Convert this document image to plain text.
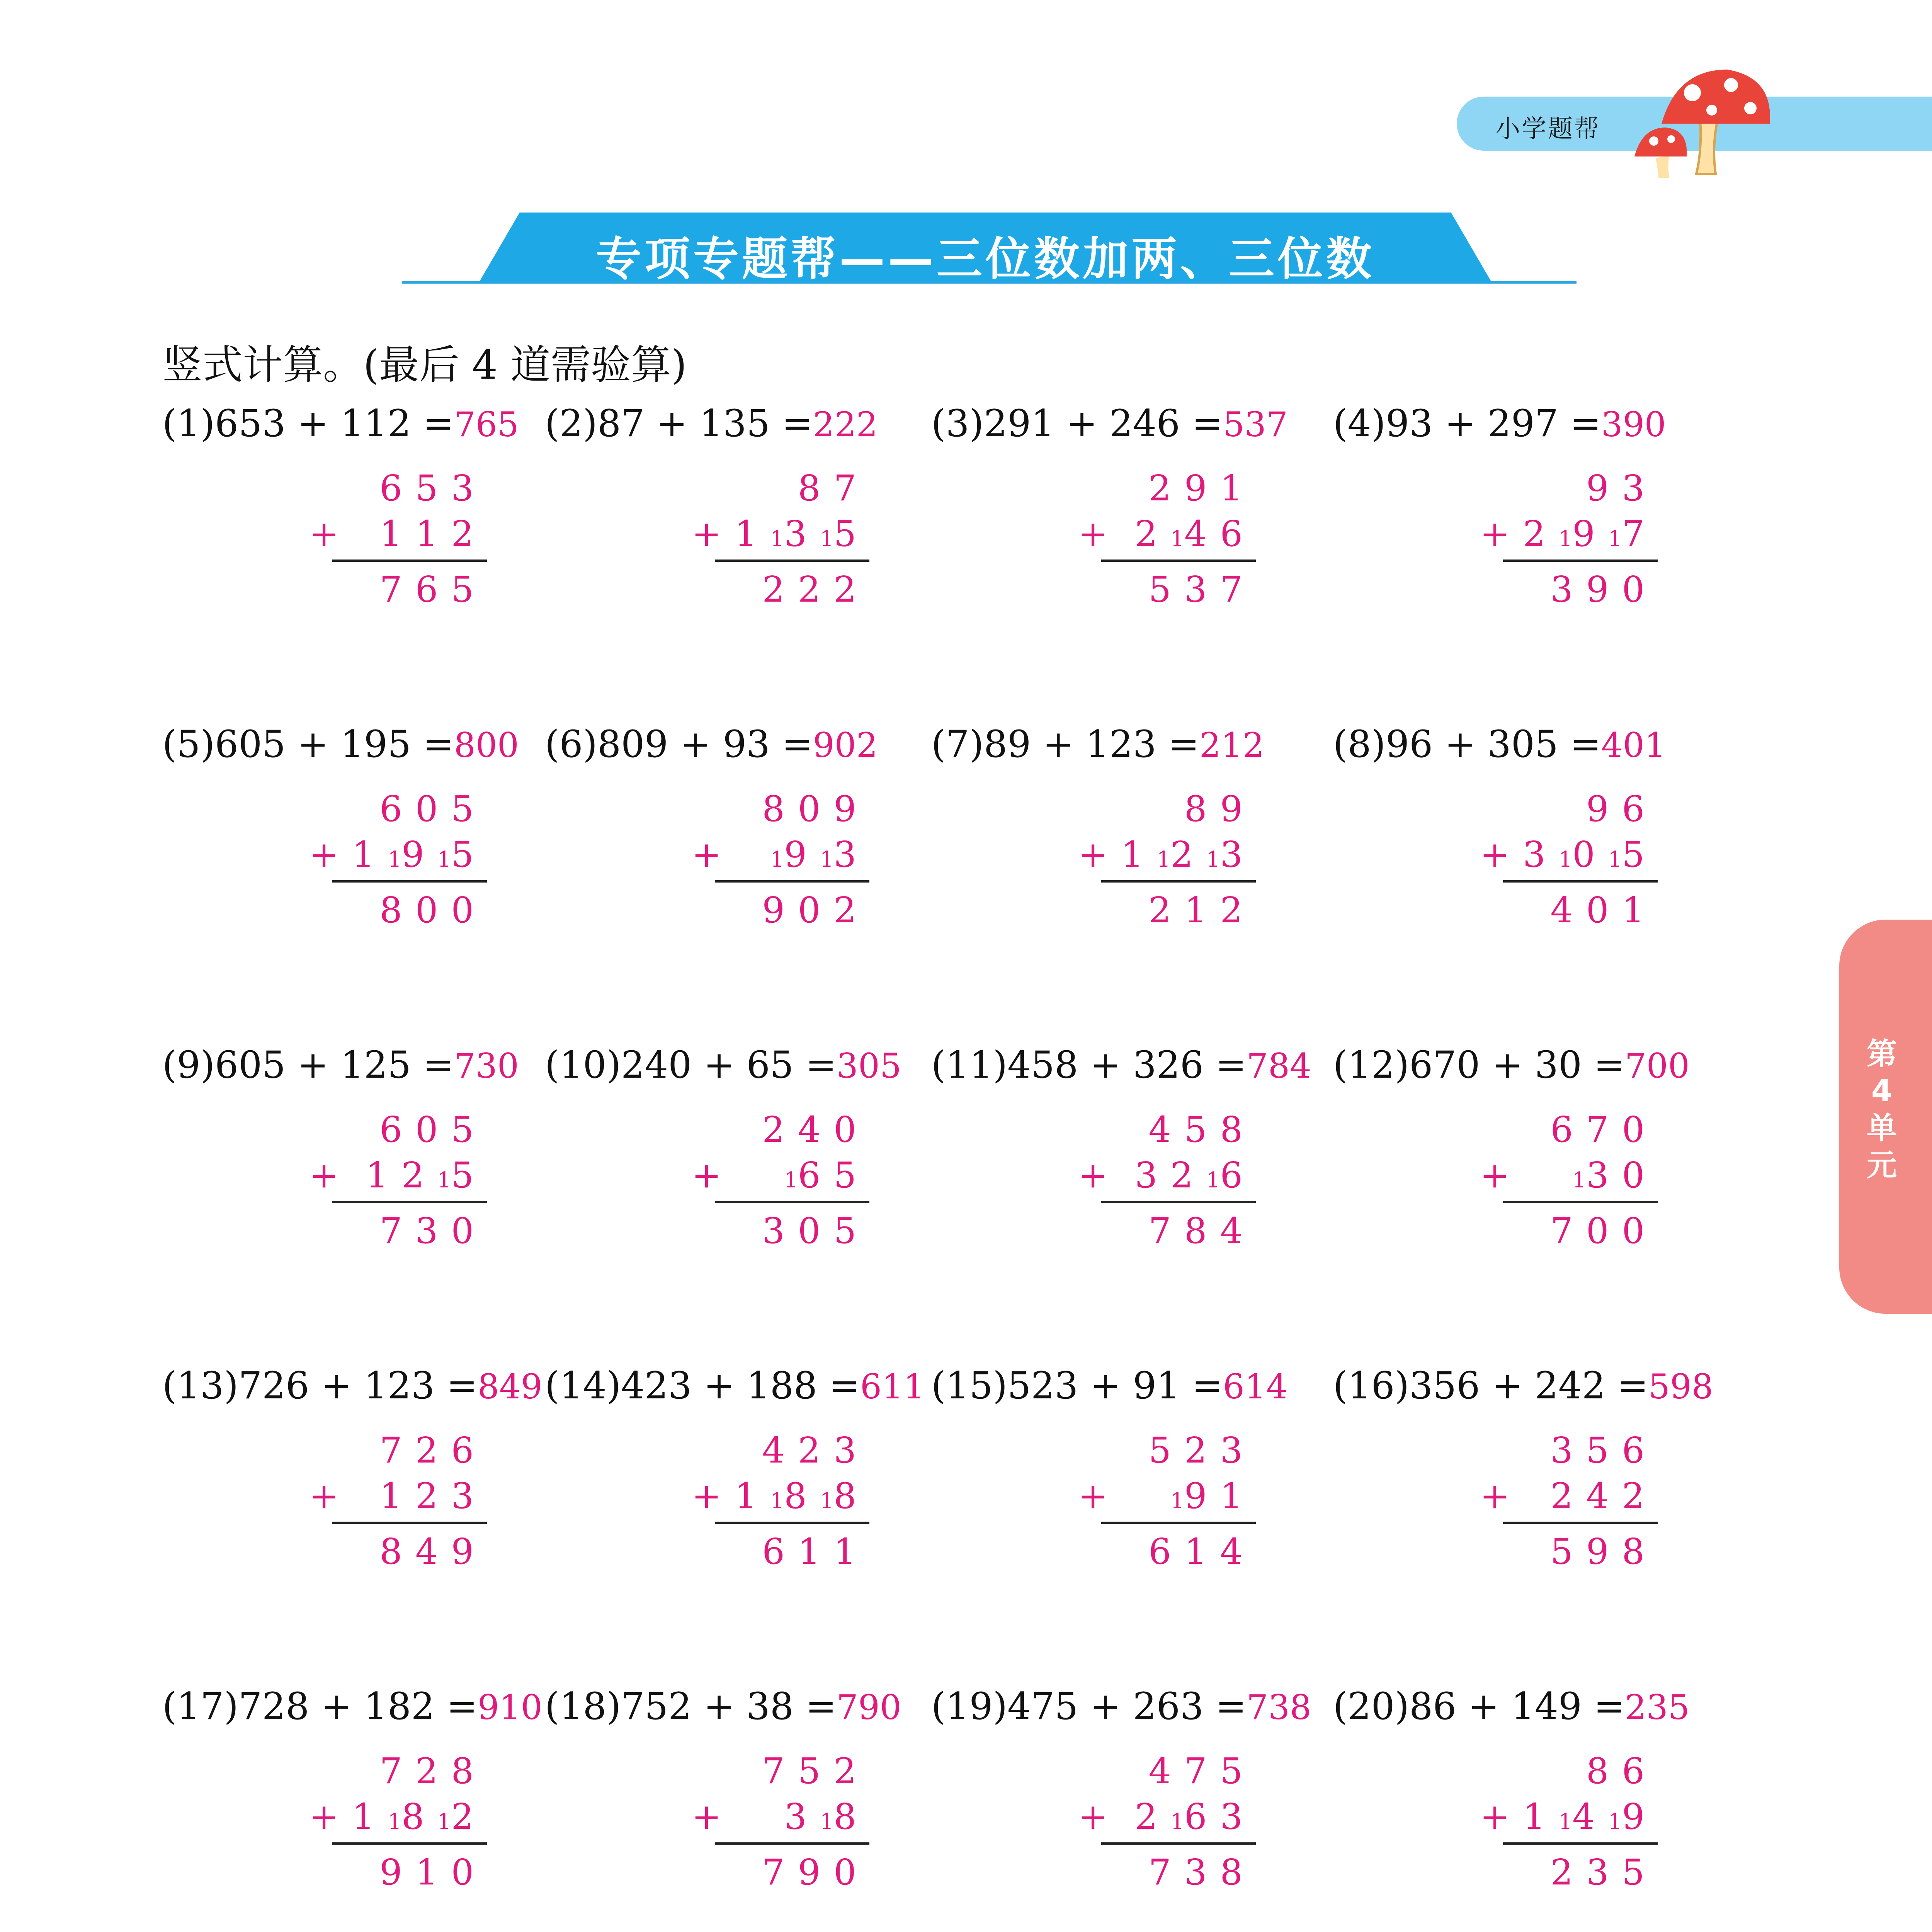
小学题帮
专项专题帮——三位数加两、三位数
第4单元
竖式计算。(最后 4 道需验算)
(1)653 + 112 =765
653
+ 112
765
(2)87 + 135 =222
87
+ 11315
222
(3)291 + 246 =537
291
+ 2146
537
(4)93 + 297 =390
93
+ 21917
390
(5)605 + 195 =800
605
+ 11915
800
(6)809 + 93 =902
809
+ 1913
902
(7)89 + 123 =212
89
+ 11213
212
(8)96 + 305 =401
96
+ 31015
401
(9)605 + 125 =730
605
+ 1215
730
(10)240 + 65 =305
240
+	165
305
(11)458 + 326 =784
458
+ 3216
784
(12)670 + 30 =700
670
+	130
700
(13)726 + 123 =849
726
+ 123
849
(14)423 + 188 =611
423
+ 11818
611
(15)523 + 91 =614
523
+	191
614
(16)356 + 242 =598
356
+ 242
598
(17)728 + 182 =910
728
+ 11812
910
(18)752 + 38 =790
752
+ 318
790
(19)475 + 263 =738
475
+ 2163
738
(20)86 + 149 =235
86
+ 11419
235
